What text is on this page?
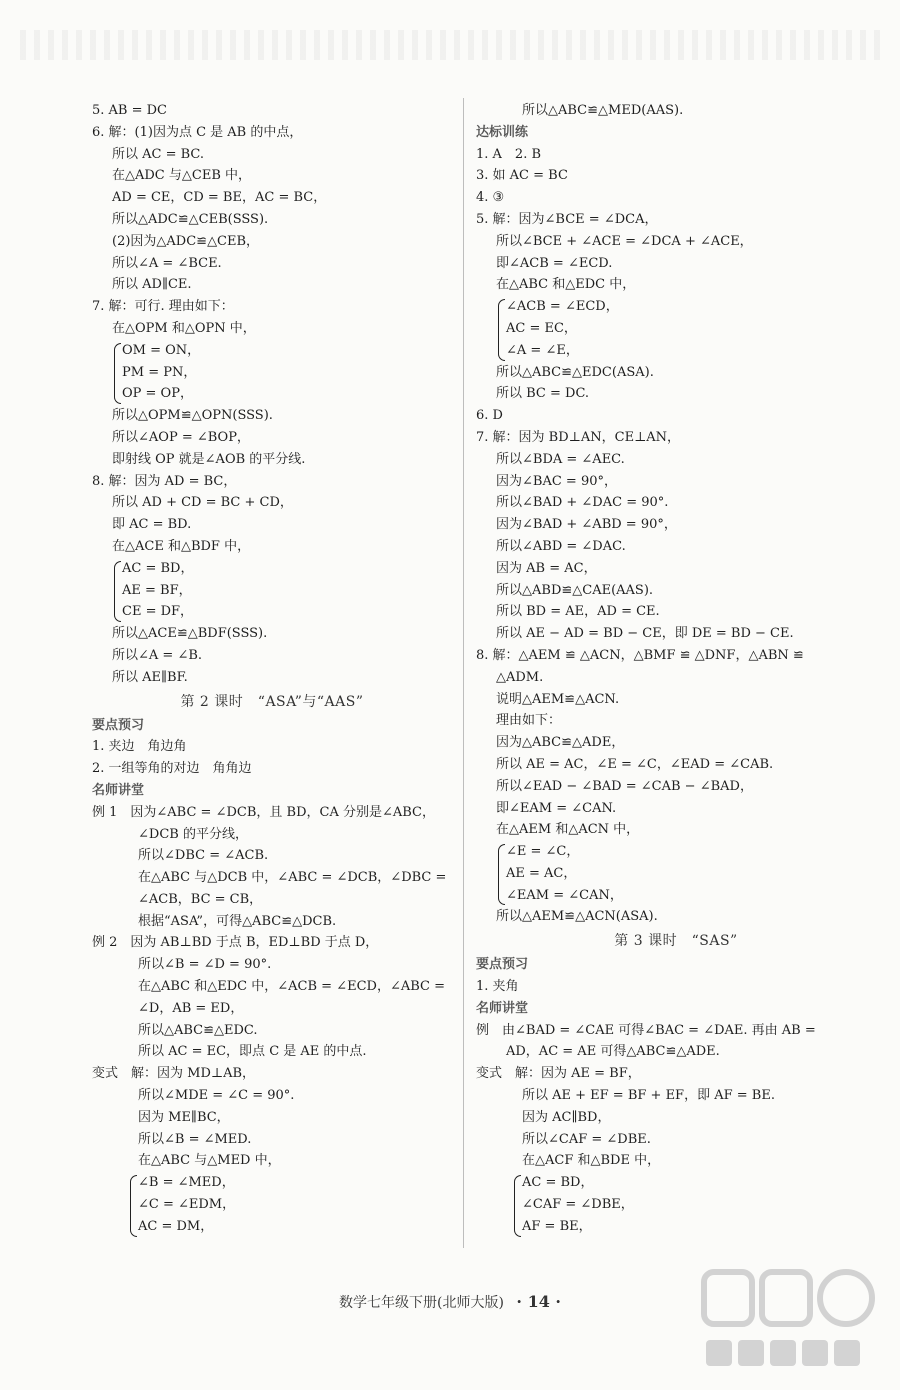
5. AB = DC
6. 解：(1)因为点 C 是 AB 的中点，
所以 AC = BC.
在△ADC 与△CEB 中，
AD = CE，CD = BE，AC = BC，
所以△ADC≌△CEB(SSS).
(2)因为△ADC≌△CEB，
所以∠A = ∠BCE.
所以 AD∥CE.
7. 解：可行. 理由如下：
在△OPM 和△OPN 中，
OM = ON，
PM = PN，
OP = OP，
所以△OPM≌△OPN(SSS).
所以∠AOP = ∠BOP，
即射线 OP 就是∠AOB 的平分线.
8. 解：因为 AD = BC，
所以 AD + CD = BC + CD，
即 AC = BD.
在△ACE 和△BDF 中，
AC = BD，
AE = BF，
CE = DF，
所以△ACE≌△BDF(SSS).
所以∠A = ∠B.
所以 AE∥BF.
第 2 课时　“ASA”与“AAS”
要点预习
1. 夹边　角边角
2. 一组等角的对边　角角边
名师讲堂
例 1　因为∠ABC = ∠DCB，且 BD，CA 分别是∠ABC，
∠DCB 的平分线，
所以∠DBC = ∠ACB.
在△ABC 与△DCB 中，∠ABC = ∠DCB，∠DBC =
∠ACB，BC = CB，
根据“ASA”，可得△ABC≌△DCB.
例 2　因为 AB⊥BD 于点 B，ED⊥BD 于点 D，
所以∠B = ∠D = 90°.
在△ABC 和△EDC 中，∠ACB = ∠ECD，∠ABC =
∠D，AB = ED，
所以△ABC≌△EDC.
所以 AC = EC，即点 C 是 AE 的中点.
变式　解：因为 MD⊥AB，
所以∠MDE = ∠C = 90°.
因为 ME∥BC，
所以∠B = ∠MED.
在△ABC 与△MED 中，
∠B = ∠MED，
∠C = ∠EDM，
AC = DM，
所以△ABC≌△MED(AAS).
达标训练
1. A　2. B
3. 如 AC = BC
4. ③
5. 解：因为∠BCE = ∠DCA，
所以∠BCE + ∠ACE = ∠DCA + ∠ACE，
即∠ACB = ∠ECD.
在△ABC 和△EDC 中，
∠ACB = ∠ECD，
AC = EC，
∠A = ∠E，
所以△ABC≌△EDC(ASA).
所以 BC = DC.
6. D
7. 解：因为 BD⊥AN，CE⊥AN，
所以∠BDA = ∠AEC.
因为∠BAC = 90°，
所以∠BAD + ∠DAC = 90°.
因为∠BAD + ∠ABD = 90°，
所以∠ABD = ∠DAC.
因为 AB = AC，
所以△ABD≌△CAE(AAS).
所以 BD = AE，AD = CE.
所以 AE − AD = BD − CE，即 DE = BD − CE.
8. 解：△AEM ≌ △ACN，△BMF ≌ △DNF，△ABN ≌
△ADM.
说明△AEM≌△ACN.
理由如下：
因为△ABC≌△ADE，
所以 AE = AC，∠E = ∠C，∠EAD = ∠CAB.
所以∠EAD − ∠BAD = ∠CAB − ∠BAD，
即∠EAM = ∠CAN.
在△AEM 和△ACN 中，
∠E = ∠C，
AE = AC，
∠EAM = ∠CAN，
所以△AEM≌△ACN(ASA).
第 3 课时　“SAS”
要点预习
1. 夹角
名师讲堂
例　由∠BAD = ∠CAE 可得∠BAC = ∠DAE. 再由 AB =
AD，AC = AE 可得△ABC≌△ADE.
变式　解：因为 AE = BF，
所以 AE + EF = BF + EF，即 AF = BE.
因为 AC∥BD，
所以∠CAF = ∠DBE.
在△ACF 和△BDE 中，
AC = BD，
∠CAF = ∠DBE，
AF = BE，
数学七年级下册(北师大版) · 14 ·
